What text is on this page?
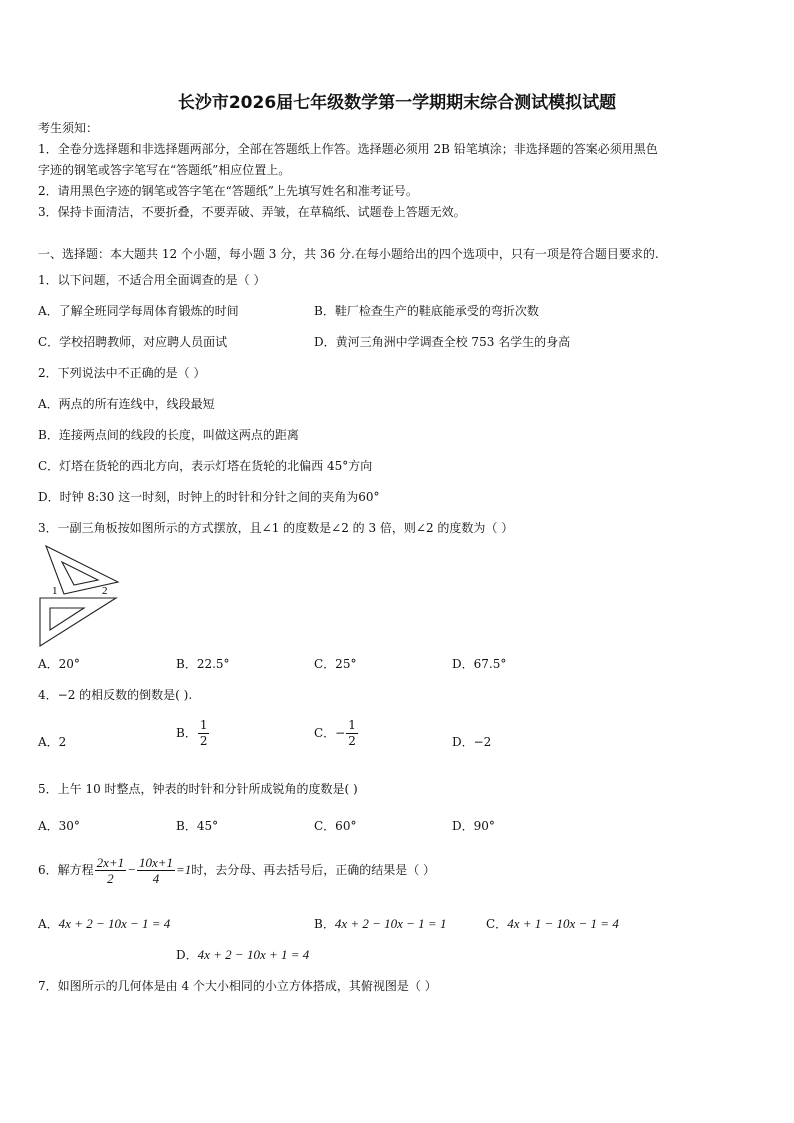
长沙市2026届七年级数学第一学期期末综合测试模拟试题
考生须知：
1．全卷分选择题和非选择题两部分，全部在答题纸上作答。选择题必须用 2B 铅笔填涂；非选择题的答案必须用黑色
字迹的钢笔或答字笔写在“答题纸”相应位置上。
2．请用黑色字迹的钢笔或答字笔在“答题纸”上先填写姓名和准考证号。
3．保持卡面清洁，不要折叠，不要弄破、弄皱，在草稿纸、试题卷上答题无效。
一、选择题：本大题共 12 个小题，每小题 3 分，共 36 分.在每小题给出的四个选项中，只有一项是符合题目要求的.
1．以下问题，不适合用全面调查的是（ ）
A．了解全班同学每周体育锻炼的时间	B．鞋厂检查生产的鞋底能承受的弯折次数
C．学校招聘教师，对应聘人员面试	D．黄河三角洲中学调查全校 753 名学生的身高
2．下列说法中不正确的是（ ）
A．两点的所有连线中，线段最短
B．连接两点间的线段的长度，叫做这两点的距离
C．灯塔在货轮的西北方向，表示灯塔在货轮的北偏西 45°方向
D．时钟 8:30 这一时刻，时钟上的时针和分针之间的夹角为60°
3．一副三角板按如图所示的方式摆放，且∠1 的度数是∠2 的 3 倍，则∠2 的度数为（ ）
1	2
A．20°	B．22.5°	C．25°	D．67.5°
4．−2 的相反数的倒数是( ).
A．2
B． $\frac{1}{2}$	C．− $\frac{1}{2}$	D．−2
5．上午 10 时整点，钟表的时针和分针所成锐角的度数是( )
A．30°	B．45°	C．60°	D．90°
6．解方程 $\frac{2x+1}{2} - \frac{10x+1}{4} =1$时，去分母、再去括号后，正确的结果是（ ）
A．4x + 2 − 10x − 1 = 4	B．4x + 2 − 10x − 1 = 1	C．4x + 1 − 10x − 1 = 4
D．4x + 2 − 10x + 1 = 4
7．如图所示的几何体是由 4 个大小相同的小立方体搭成，其俯视图是（ ）
